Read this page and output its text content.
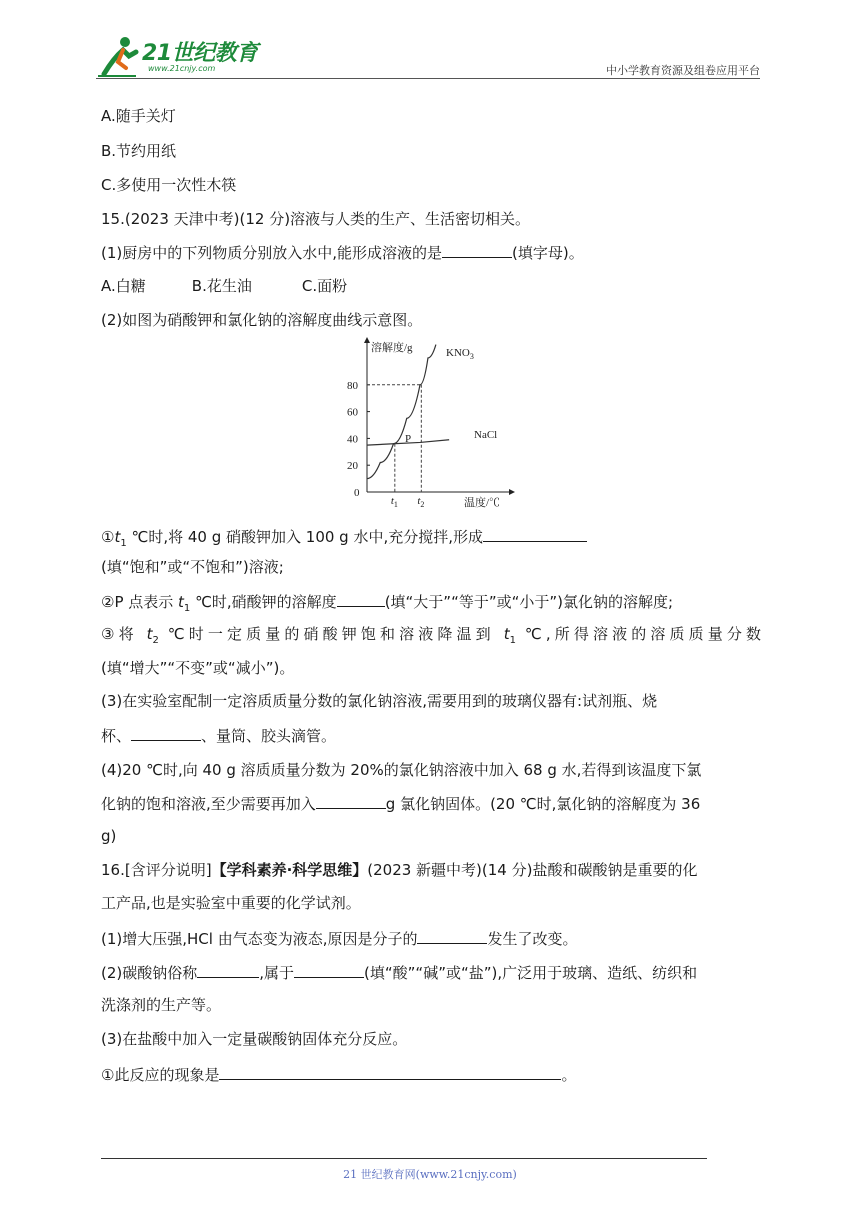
21世纪教育
www.21cnjy.com	中小学教育资源及组卷应用平台
A.随手关灯
B.节约用纸
C.多使用一次性木筷
15.(2023 天津中考)(12 分)溶液与人类的生产、生活密切相关。
(1)厨房中的下列物质分别放入水中,能形成溶液的是	(填字母)。
A.白糖	B.花生油	C.面粉
(2)如图为硝酸钾和氯化钠的溶解度曲线示意图。
溶解度/g
温度/℃
0
20
40
60
80
$t_1$ $t_2$
$KNO_3$
NaCl
P
$①t_1$ ℃时,将 40 g 硝酸钾加入 100 g 水中,充分搅拌,形成
(填“饱和”或“不饱和”)溶液;
②P 点表示 $t_1$ ℃时,硝酸钾的溶解度	(填“大于”“等于”或“小于”)氯化钠的溶解度;
③将 $t_2$ ℃时一定质量的硝酸钾饱和溶液降温到 $t_1$ ℃,所得溶液的溶质质量分数
(填“增大”“不变”或“减小”)。
(3)在实验室配制一定溶质质量分数的氯化钠溶液,需要用到的玻璃仪器有:试剂瓶、烧
杯、	、量筒、胶头滴管。
(4)20 ℃时,向 40 g 溶质质量分数为 20%的氯化钠溶液中加入 68 g 水,若得到该温度下氯
化钠的饱和溶液,至少需要再加入	g 氯化钠固体。(20 ℃时,氯化钠的溶解度为 36
g)
16.[含评分说明]【学科素养·科学思维】(2023 新疆中考)(14 分)盐酸和碳酸钠是重要的化
工产品,也是实验室中重要的化学试剂。
(1)增大压强,HCl 由气态变为液态,原因是分子的	发生了改变。
(2)碳酸钠俗称	,属于	(填“酸”“碱”或“盐”),广泛用于玻璃、造纸、纺织和
洗涤剂的生产等。
(3)在盐酸中加入一定量碳酸钠固体充分反应。
①此反应的现象是	。
21 世纪教育网(www.21cnjy.com)
